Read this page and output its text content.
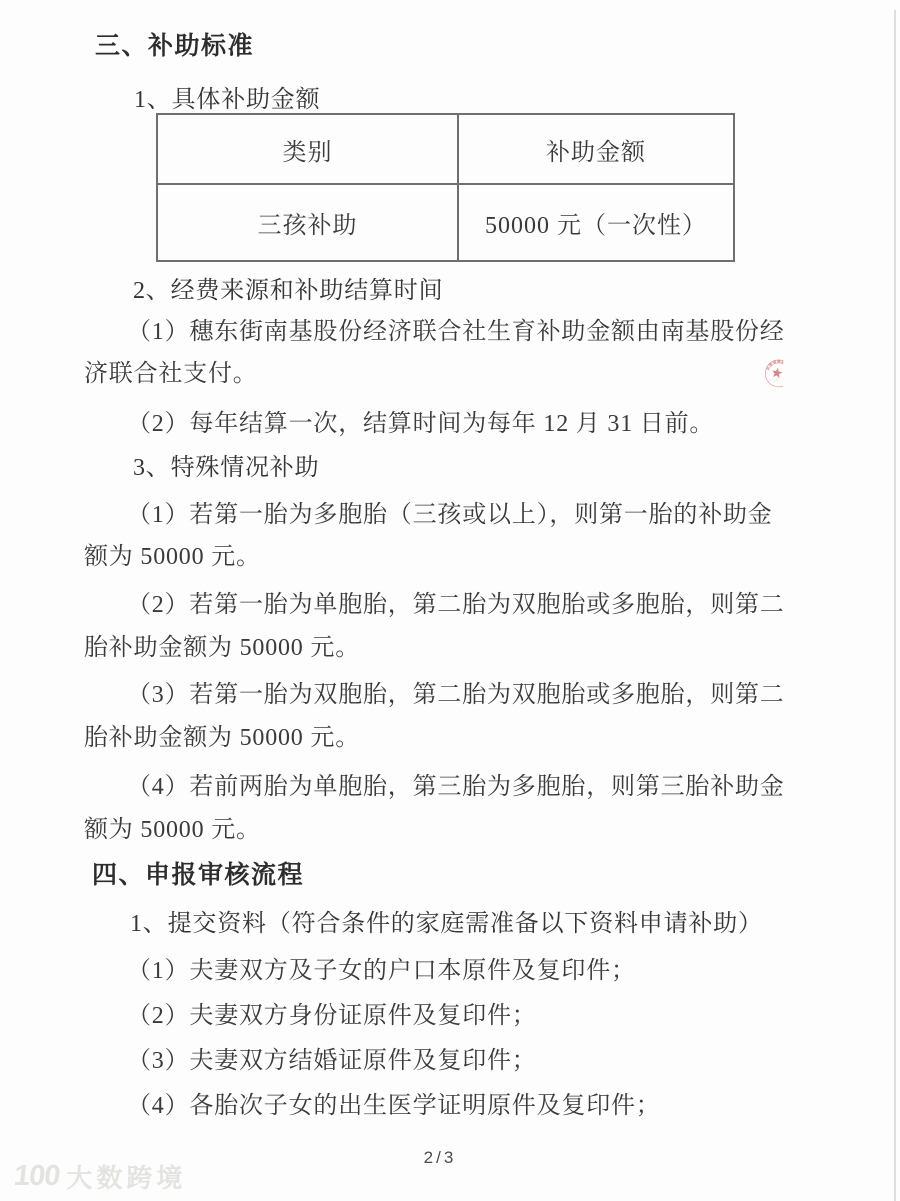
三、补助标准
1、具体补助金额
类别	补助金额
三孩补助	50000 元（一次性）
2、经费来源和补助结算时间
（1）穗东街南基股份经济联合社生育补助金额由南基股份经
济联合社支付。
（2）每年结算一次，结算时间为每年 12 月 31 日前。
3、特殊情况补助
（1）若第一胎为多胞胎（三孩或以上），则第一胎的补助金
额为 50000 元。
（2）若第一胎为单胞胎，第二胎为双胞胎或多胞胎，则第二
胎补助金额为 50000 元。
（3）若第一胎为双胞胎，第二胎为双胞胎或多胞胎，则第二
胎补助金额为 50000 元。
（4）若前两胎为单胞胎，第三胎为多胞胎，则第三胎补助金
额为 50000 元。
四、申报审核流程
1、提交资料（符合条件的家庭需准备以下资料申请补助）
（1）夫妻双方及子女的户口本原件及复印件；
（2）夫妻双方身份证原件及复印件；
（3）夫妻双方结婚证原件及复印件；
（4）各胎次子女的出生医学证明原件及复印件；
东街南基股份经
广
2/3
100 大数跨境
